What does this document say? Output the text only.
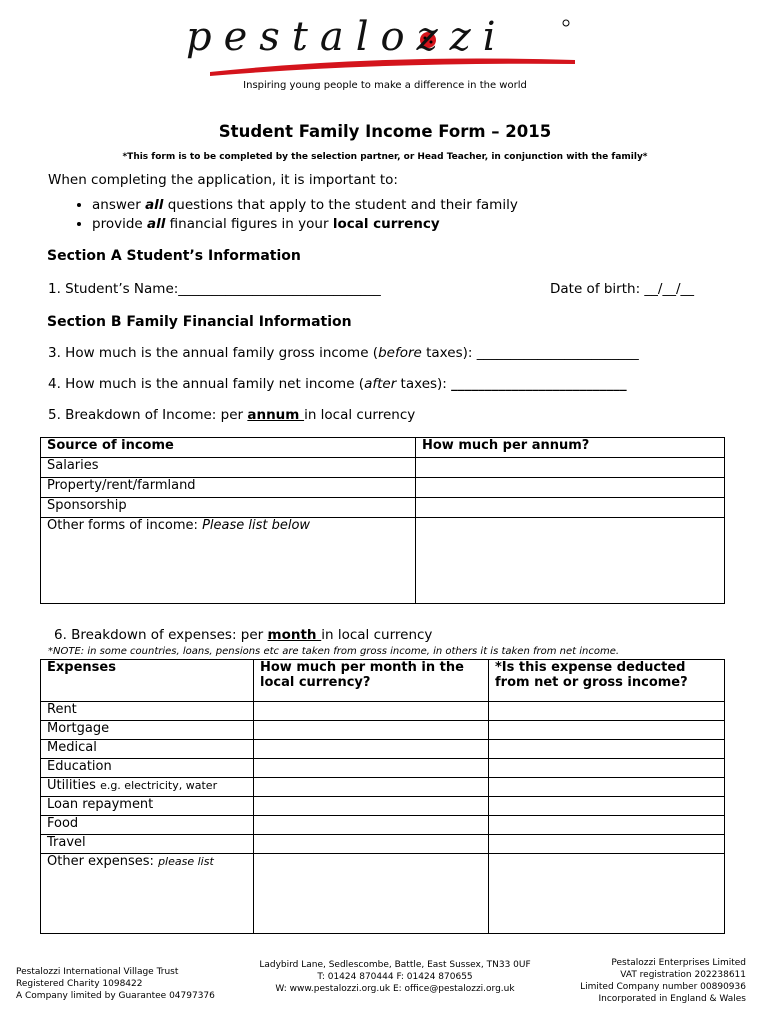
pestalozzi
Inspiring young people to make a difference in the world
Student Family Income Form – 2015
*This form is to be completed by the selection partner, or Head Teacher, in conjunction with the family*
When completing the application, it is important to:
• answer all questions that apply to the student and their family
• provide all financial figures in your local currency
Section A Student’s Information
1. Student’s Name:______________________________	Date of birth: __/__/__
Section B Family Financial Information
3. How much is the annual family gross income (before taxes): ________________________
4. How much is the annual family net income (after taxes): __________________________
5. Breakdown of Income: per annum in local currency
Source of income	How much per annum?
Salaries	
Property/rent/farmland	
Sponsorship	
Other forms of income: Please list below	
6. Breakdown of expenses: per month in local currency
*NOTE: in some countries, loans, pensions etc are taken from gross income, in others it is taken from net income.
Expenses	How much per month in the local currency?	*Is this expense deducted from net or gross income?
Rent		
Mortgage		
Medical		
Education		
Utilities e.g. electricity, water		
Loan repayment		
Food		
Travel		
Other expenses: please list		
Pestalozzi International Village Trust
Registered Charity 1098422
A Company limited by Guarantee 04797376
Ladybird Lane, Sedlescombe, Battle, East Sussex, TN33 0UF
T: 01424 870444 F: 01424 870655
W: www.pestalozzi.org.uk E: office@pestalozzi.org.uk
Pestalozzi Enterprises Limited
VAT registration 202238611
Limited Company number 00890936
Incorporated in England & Wales
